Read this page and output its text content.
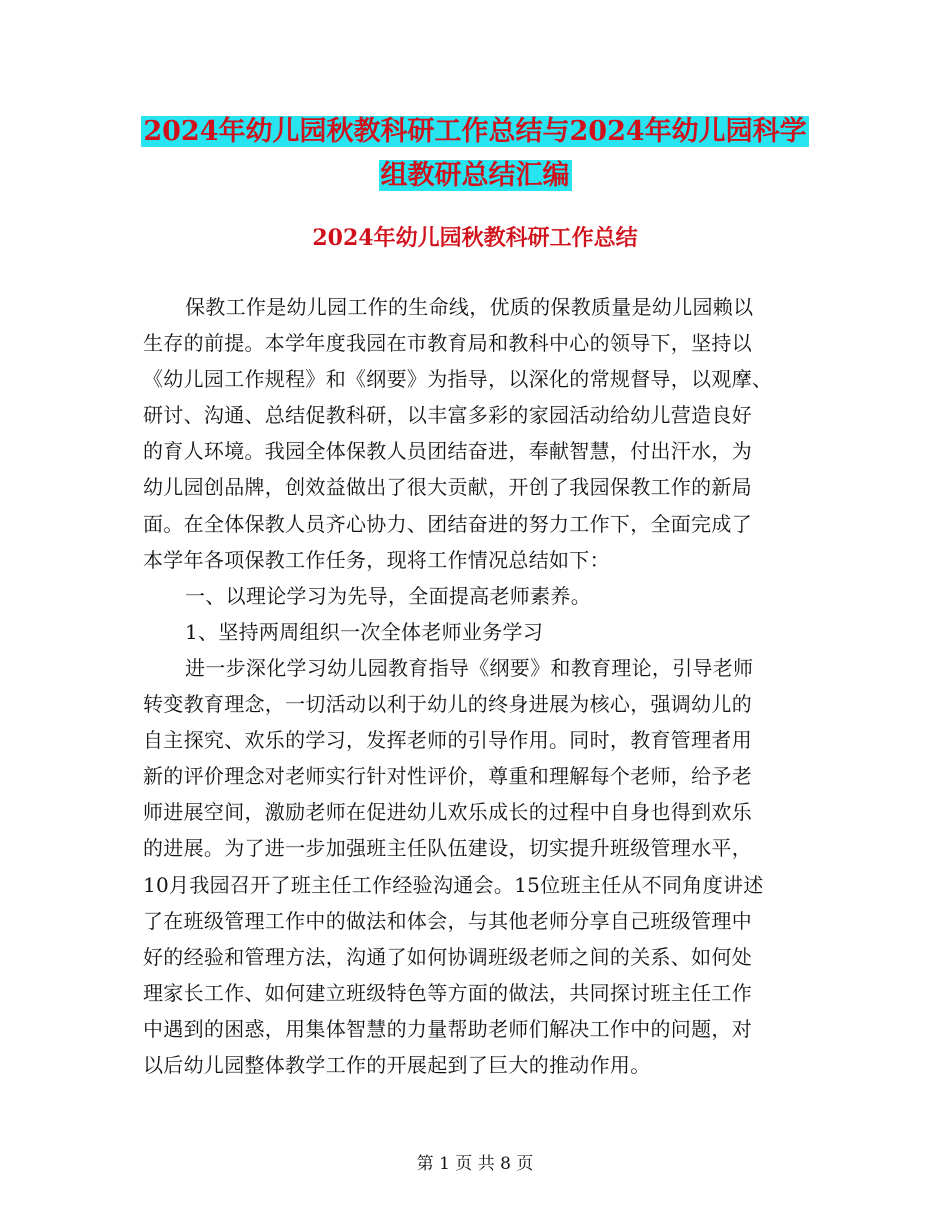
2024年幼儿园秋教科研工作总结与2024年幼儿园科学
组教研总结汇编
2024年幼儿园秋教科研工作总结
保教工作是幼儿园工作的生命线，优质的保教质量是幼儿园赖以
生存的前提。本学年度我园在市教育局和教科中心的领导下，坚持以
《幼儿园工作规程》和《纲要》为指导，以深化的常规督导，以观摩、
研讨、沟通、总结促教科研，以丰富多彩的家园活动给幼儿营造良好
的育人环境。我园全体保教人员团结奋进，奉献智慧，付出汗水，为
幼儿园创品牌，创效益做出了很大贡献，开创了我园保教工作的新局
面。在全体保教人员齐心协力、团结奋进的努力工作下，全面完成了
本学年各项保教工作任务，现将工作情况总结如下：
一、以理论学习为先导，全面提高老师素养。
1、坚持两周组织一次全体老师业务学习
进一步深化学习幼儿园教育指导《纲要》和教育理论，引导老师
转变教育理念，一切活动以利于幼儿的终身进展为核心，强调幼儿的
自主探究、欢乐的学习，发挥老师的引导作用。同时，教育管理者用
新的评价理念对老师实行针对性评价，尊重和理解每个老师，给予老
师进展空间，激励老师在促进幼儿欢乐成长的过程中自身也得到欢乐
的进展。为了进一步加强班主任队伍建设，切实提升班级管理水平，
10月我园召开了班主任工作经验沟通会。15位班主任从不同角度讲述
了在班级管理工作中的做法和体会，与其他老师分享自己班级管理中
好的经验和管理方法，沟通了如何协调班级老师之间的关系、如何处
理家长工作、如何建立班级特色等方面的做法，共同探讨班主任工作
中遇到的困惑，用集体智慧的力量帮助老师们解决工作中的问题，对
以后幼儿园整体教学工作的开展起到了巨大的推动作用。
第 1 页 共 8 页
